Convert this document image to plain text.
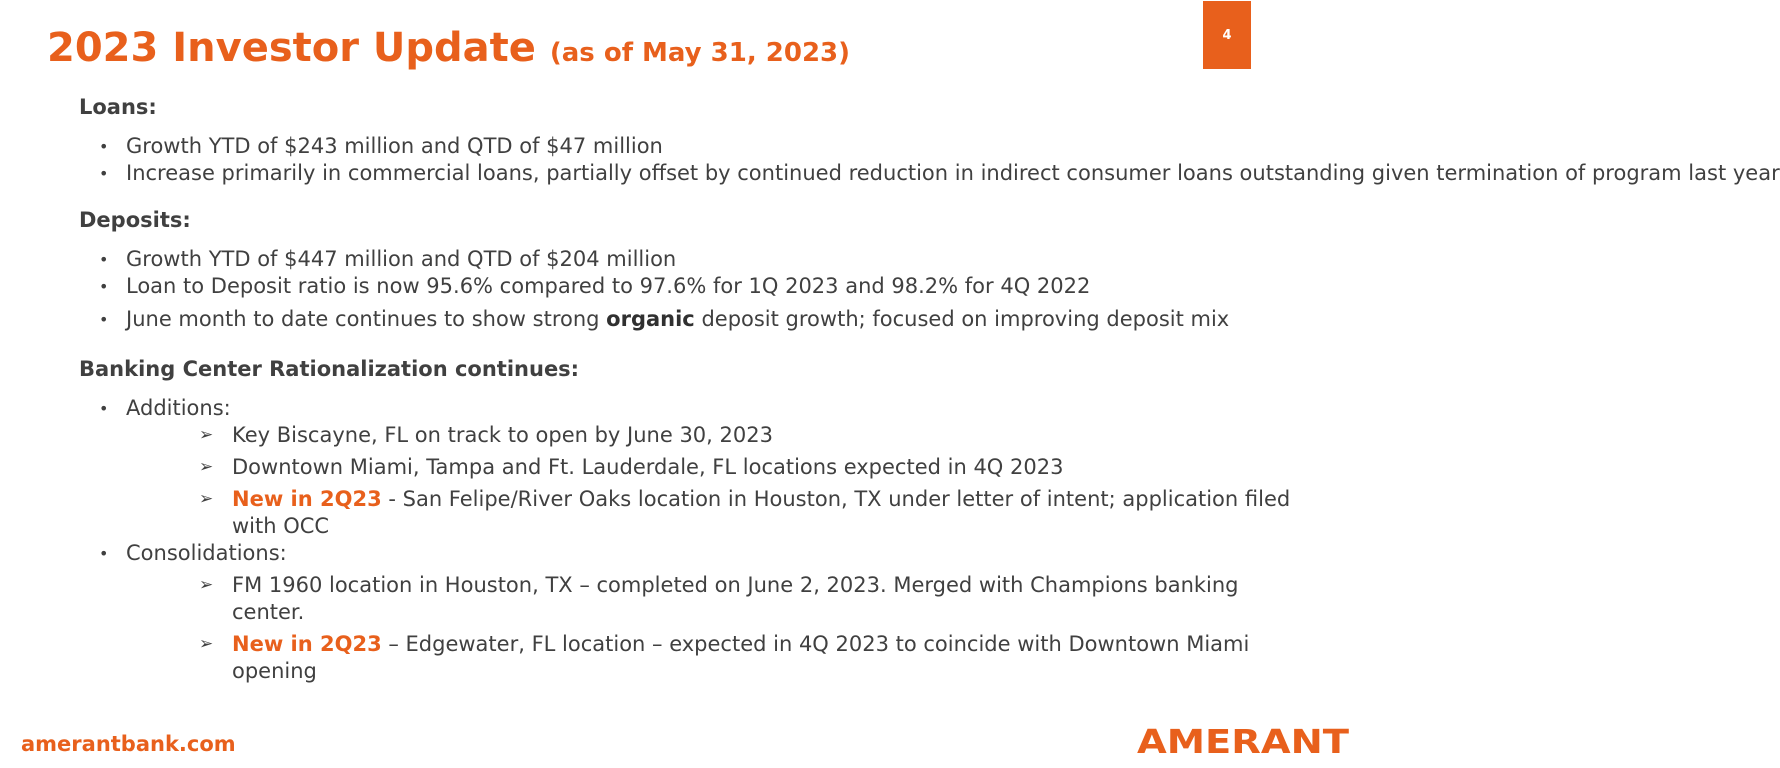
2023 Investor Update (as of May 31, 2023)
4

Loans:

• Growth YTD of $243 million and QTD of $47 million
• Increase primarily in commercial loans, partially offset by continued reduction in indirect consumer loans outstanding given termination of program last year

Deposits:

• Growth YTD of $447 million and QTD of $204 million
• Loan to Deposit ratio is now 95.6% compared to 97.6% for 1Q 2023 and 98.2% for 4Q 2022
• June month to date continues to show strong organic deposit growth; focused on improving deposit mix

Banking Center Rationalization continues:

• Additions:
➢ Key Biscayne, FL on track to open by June 30, 2023
➢ Downtown Miami, Tampa and Ft. Lauderdale, FL locations expected in 4Q 2023
➢ New in 2Q23 - San Felipe/River Oaks location in Houston, TX under letter of intent; application filed with OCC
• Consolidations:
➢ FM 1960 location in Houston, TX – completed on June 2, 2023. Merged with Champions banking center.
➢ New in 2Q23 – Edgewater, FL location – expected in 4Q 2023 to coincide with Downtown Miami opening

amerantbank.com	AMERANT
